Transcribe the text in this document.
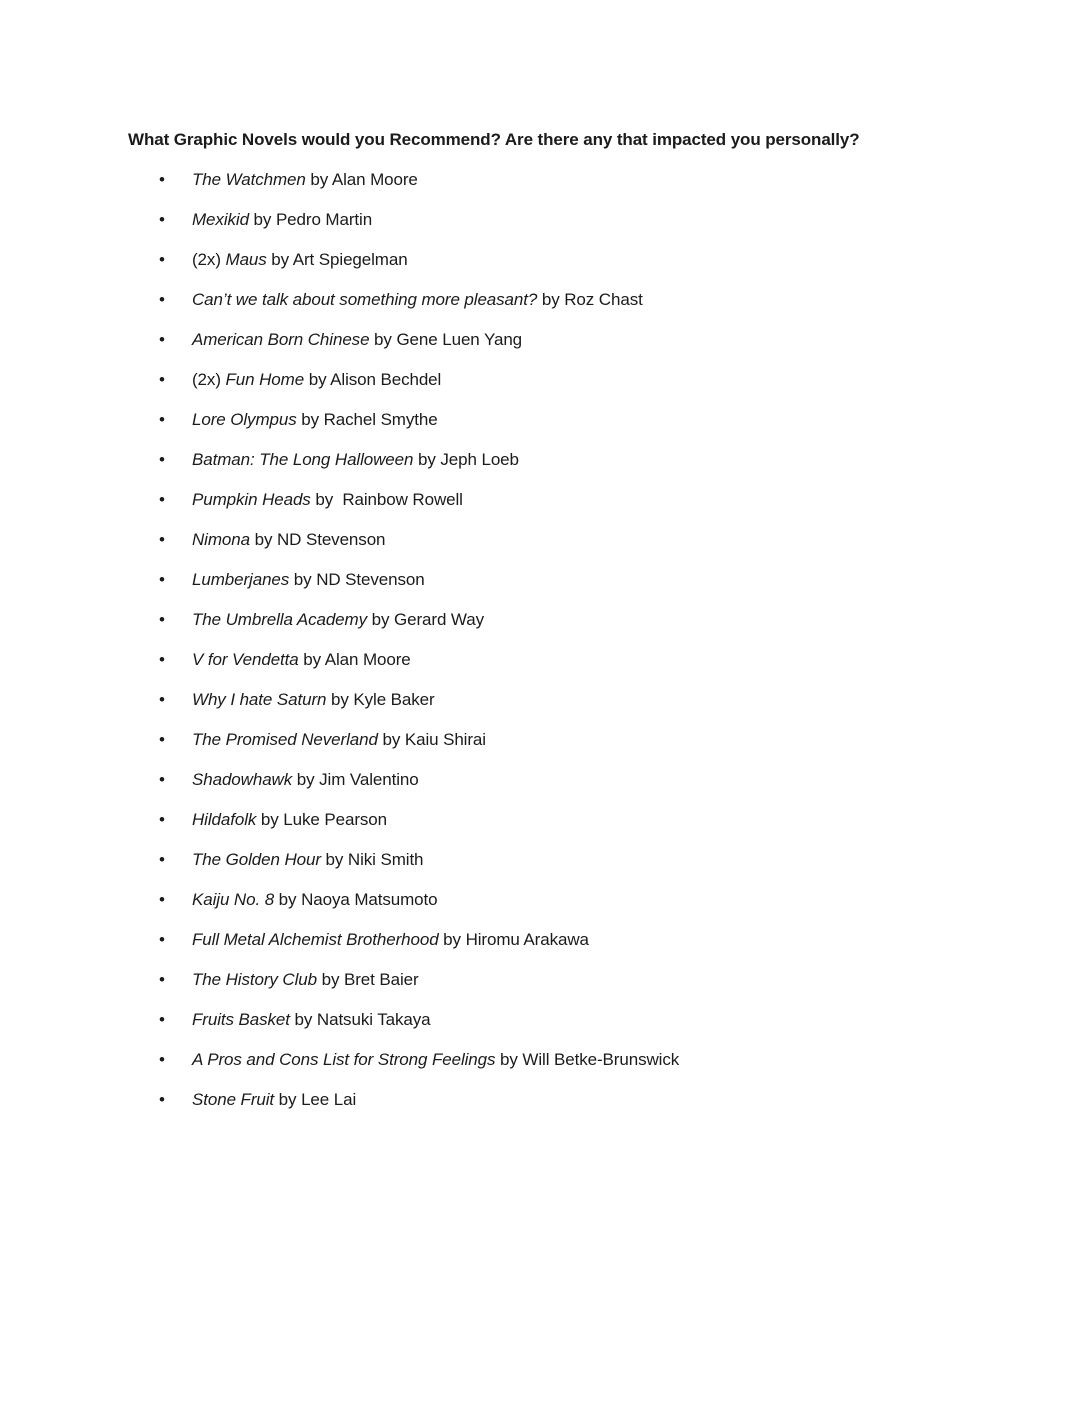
What Graphic Novels would you Recommend? Are there any that impacted you personally?
• The Watchmen by Alan Moore
• Mexikid by Pedro Martin
• (2x) Maus by Art Spiegelman
• Can’t we talk about something more pleasant? by Roz Chast
• American Born Chinese by Gene Luen Yang
• (2x) Fun Home by Alison Bechdel
• Lore Olympus by Rachel Smythe
• Batman: The Long Halloween by Jeph Loeb
• Pumpkin Heads by  Rainbow Rowell
• Nimona by ND Stevenson
• Lumberjanes by ND Stevenson
• The Umbrella Academy by Gerard Way
• V for Vendetta by Alan Moore
• Why I hate Saturn by Kyle Baker
• The Promised Neverland by Kaiu Shirai
• Shadowhawk by Jim Valentino
• Hildafolk by Luke Pearson
• The Golden Hour by Niki Smith
• Kaiju No. 8 by Naoya Matsumoto
• Full Metal Alchemist Brotherhood by Hiromu Arakawa
• The History Club by Bret Baier
• Fruits Basket by Natsuki Takaya
• A Pros and Cons List for Strong Feelings by Will Betke-Brunswick
• Stone Fruit by Lee Lai
